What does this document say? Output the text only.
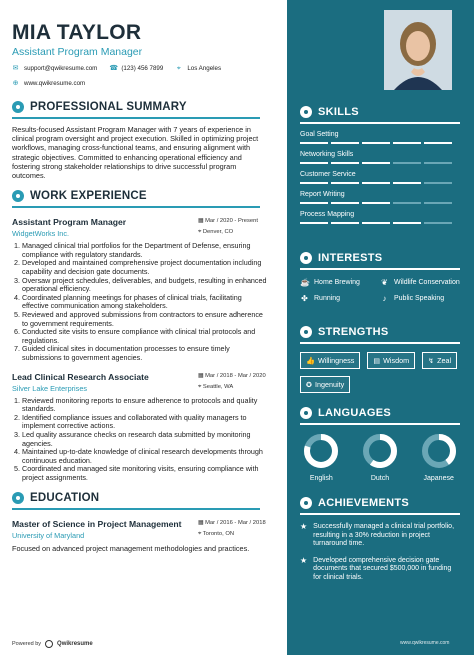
MIA TAYLOR
Assistant Program Manager
✉ support@qwikresume.com ☎ (123) 456 7899 ⌖ Los Angeles
⊕ www.qwikresume.com
PROFESSIONAL SUMMARY
Results-focused Assistant Program Manager with 7 years of experience in clinical program oversight and project execution. Skilled in optimizing project workflows, managing cross-functional teams, and ensuring alignment with strategic objectives. Committed to enhancing operational efficiency and fostering strong stakeholder relationships to drive successful program outcomes.
WORK EXPERIENCE
Assistant Program Manager	▦ Mar / 2020 - Present
WidgetWorks Inc.	⌖ Denver, CO
1. Managed clinical trial portfolios for the Department of Defense, ensuring compliance with regulatory standards.
2. Developed and maintained comprehensive project documentation including capability and decision gate documents.
3. Oversaw project schedules, deliverables, and budgets, resulting in enhanced operational efficiency.
4. Coordinated planning meetings for phases of clinical trials, facilitating effective communication among stakeholders.
5. Reviewed and approved submissions from contractors to ensure adherence to government requirements.
6. Conducted site visits to ensure compliance with clinical trial protocols and regulations.
7. Guided clinical sites in documentation processes to ensure timely submissions to government agencies.
Lead Clinical Research Associate	▦ Mar / 2018 - Mar / 2020
Silver Lake Enterprises	⌖ Seattle, WA
1. Reviewed monitoring reports to ensure adherence to protocols and quality standards.
2. Identified compliance issues and collaborated with quality managers to implement corrective actions.
3. Led quality assurance checks on research data submitted by monitoring agencies.
4. Maintained up-to-date knowledge of clinical research developments through continuous education.
5. Coordinated and managed site monitoring visits, ensuring compliance with project assignments.
EDUCATION
Master of Science in Project Management	▦ Mar / 2016 - Mar / 2018
University of Maryland	⌖ Toronto, ON
Focused on advanced project management methodologies and practices.
Powered by	Qwikresume
SKILLS
Goal Setting
Networking Skills
Customer Service
Report Writing
Process Mapping
INTERESTS
☕ Home Brewing	❦ Wildlife Conservation
✤ Running	♪	Public Speaking
STRENGTHS
👍 Willingness	▤ Wisdom	↯ Zeal
✪ Ingenuity
LANGUAGES
English	Dutch	Japanese
ACHIEVEMENTS
★ Successfully managed a clinical trial portfolio, resulting in a 30% reduction in project turnaround time.
★ Developed comprehensive decision gate documents that secured $500,000 in funding for clinical trials.
www.qwikresume.com
